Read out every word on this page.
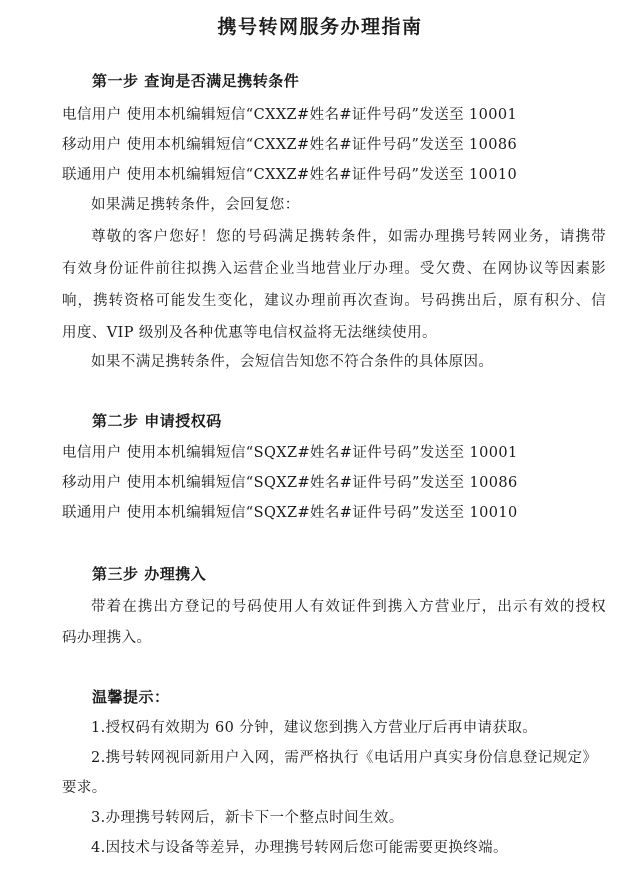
携号转网服务办理指南
第一步 查询是否满足携转条件
电信用户 使用本机编辑短信“CXXZ#姓名#证件号码”发送至 10001
移动用户 使用本机编辑短信“CXXZ#姓名#证件号码”发送至 10086
联通用户 使用本机编辑短信“CXXZ#姓名#证件号码”发送至 10010
如果满足携转条件，会回复您：
尊敬的客户您好！您的号码满足携转条件，如需办理携号转网业务，请携带
有效身份证件前往拟携入运营企业当地营业厅办理。受欠费、在网协议等因素影
响，携转资格可能发生变化，建议办理前再次查询。号码携出后，原有积分、信
用度、VIP 级别及各种优惠等电信权益将无法继续使用。
如果不满足携转条件，会短信告知您不符合条件的具体原因。
第二步 申请授权码
电信用户 使用本机编辑短信“SQXZ#姓名#证件号码”发送至 10001
移动用户 使用本机编辑短信“SQXZ#姓名#证件号码”发送至 10086
联通用户 使用本机编辑短信“SQXZ#姓名#证件号码”发送至 10010
第三步 办理携入
带着在携出方登记的号码使用人有效证件到携入方营业厅，出示有效的授权
码办理携入。
温馨提示：
1.授权码有效期为 60 分钟，建议您到携入方营业厅后再申请获取。
2.携号转网视同新用户入网，需严格执行《电话用户真实身份信息登记规定》
要求。
3.办理携号转网后，新卡下一个整点时间生效。
4.因技术与设备等差异，办理携号转网后您可能需要更换终端。
